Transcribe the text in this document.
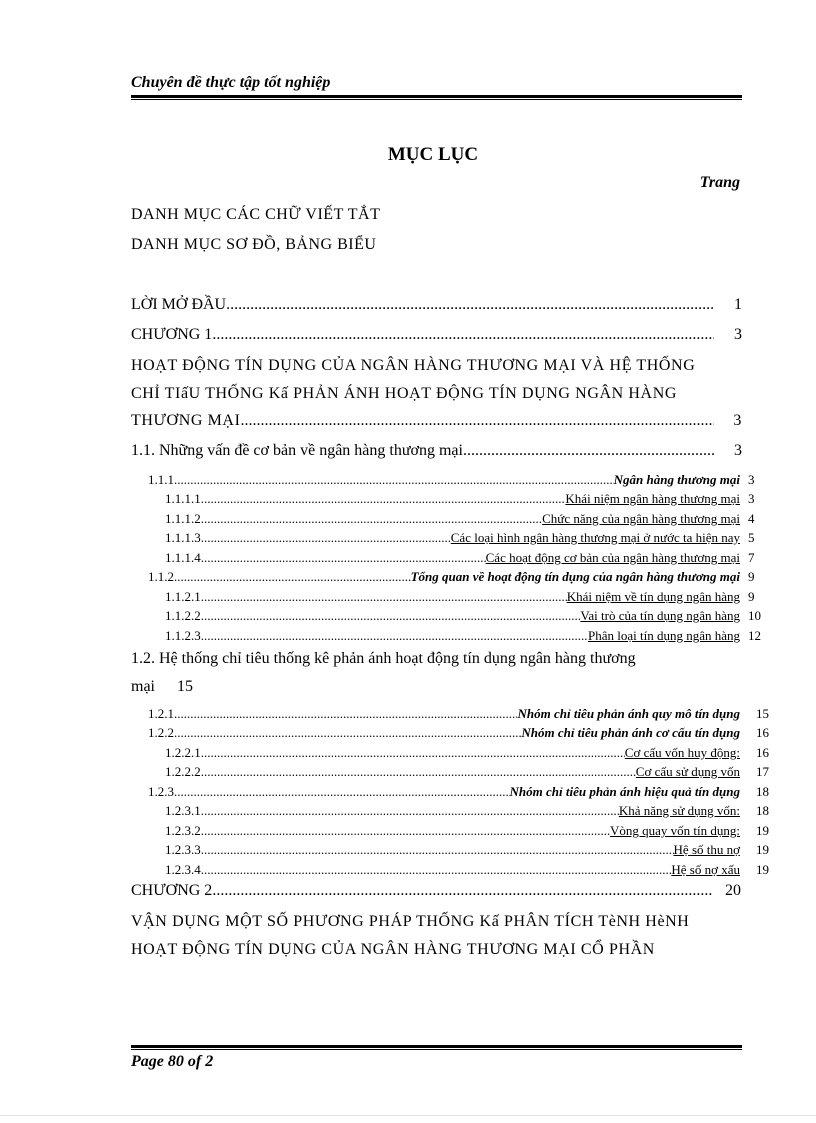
Chuyên đề thực tập tốt nghiệp
MỤC LỤC
Trang
DANH MỤC CÁC CHỮ VIẾT TẮT
DANH MỤC SƠ ĐỒ, BẢNG BIỂU
LỜI MỞ ĐẦU .....	1
CHƯƠNG 1 .....	3
HOẠT ĐỘNG TÍN DỤNG CỦA NGÂN HÀNG THƯƠNG MẠI VÀ HỆ THỐNG
CHỈ TIấU THỐNG Kấ PHẢN ÁNH HOẠT ĐỘNG TÍN DỤNG NGÂN HÀNG
THƯƠNG MẠI .....	3
1.1. Những vấn đề cơ bản về ngân hàng thương mại .....	3
1.1.1. .....	Ngân hàng thương mại 3
1.1.1.1. .....	Khái niệm ngân hàng thương mại 3
1.1.1.2. .....	Chức năng của ngân hàng thương mại 4
1.1.1.3. .....	Các loại hình ngân hàng thương mại ở nước ta hiện nay 5
1.1.1.4. .....	Các hoạt động cơ bản của ngân hàng thương mại 7
1.1.2. .....	Tổng quan về hoạt động tín dụng của ngân hàng thương mại 9
1.1.2.1. .....	Khái niệm về tín dụng ngân hàng 9
1.1.2.2. .....	Vai trò của tín dụng ngân hàng 10
1.1.2.3. .....	Phân loại tín dụng ngân hàng 12
1.2. Hệ thống chỉ tiêu thống kê phản ánh hoạt động tín dụng ngân hàng thương
mại 15
1.2.1. .....	Nhóm chỉ tiêu phản ánh quy mô tín dụng 15
1.2.2. .....	Nhóm chỉ tiêu phản ánh cơ cấu tín dụng 16
1.2.2.1. .....	Cơ cấu vốn huy động: 16
1.2.2.2. .....	Cơ cấu sử dụng vốn 17
1.2.3. .....	Nhóm chỉ tiêu phản ánh hiệu quả tín dụng 18
1.2.3.1. .....	Khả năng sử dụng vốn: 18
1.2.3.2. .....	Vòng quay vốn tín dụng: 19
1.2.3.3. .....	Hệ số thu nợ 19
1.2.3.4. .....	Hệ số nợ xấu 19
CHƯƠNG 2 .....	20
VẬN DỤNG MỘT SỐ PHƯƠNG PHÁP THỐNG Kấ PHÂN TÍCH TèNH HèNH
HOẠT ĐỘNG TÍN DỤNG CỦA NGÂN HÀNG THƯƠNG MẠI CỔ PHẦN
Page 80 of 2
